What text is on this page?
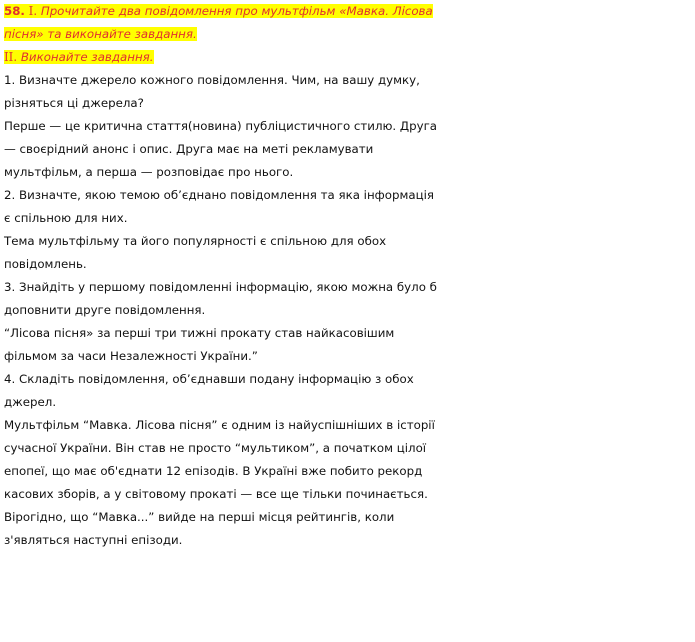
58. I. Прочитайте два повідомлення про мультфільм «Мавка. Лісова
пісня» та виконайте завдання.
II. Виконайте завдання.
1. Визначте джерело кожного повідомлення. Чим, на вашу думку,
різняться ці джерела?
Перше — це критична стаття(новина) публіцистичного стилю. Друга
— своєрідний анонс і опис. Друга має на меті рекламувати
мультфільм, а перша — розповідає про нього.
2. Визначте, якою темою об’єднано повідомлення та яка інформація
є спільною для них.
Тема мультфільму та його популярності є спільною для обох
повідомлень.
3. Знайдіть у першому повідомленні інформацію, якою можна було б
доповнити друге повідомлення.
“Лісова пісня» за перші три тижні прокату став найкасовішим
фільмом за часи Незалежності України.”
4. Складіть повідомлення, об’єднавши подану інформацію з обох
джерел.
Мультфільм “Мавка. Лісова пісня” є одним із найуспішніших в історії
сучасної України. Він став не просто “мультиком”, а початком цілої
епопеї, що має об'єднати 12 епізодів. В Україні вже побито рекорд
касових зборів, а у світовому прокаті — все ще тільки починається.
Вірогідно, що “Мавка...” вийде на перші місця рейтингів, коли
з'являться наступні епізоди.
